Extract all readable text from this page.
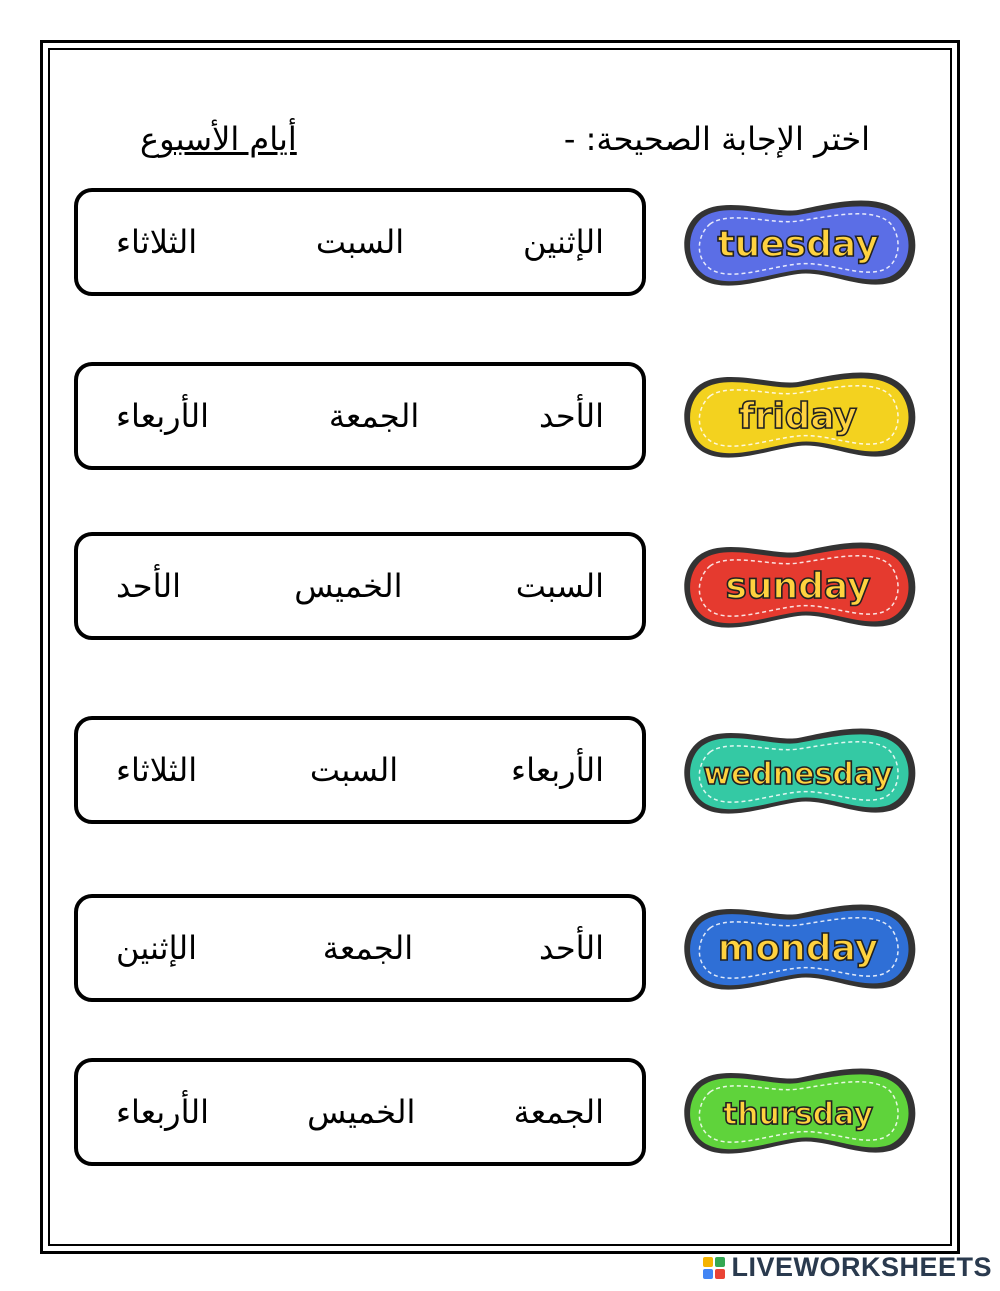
اختر الإجابة الصحيحة: -
أيام الأسبوع
الإثنين
السبت
الثلاثاء	tuesday
الأحد
الجمعة
الأربعاء	friday
السبت
الخميس
الأحد	sunday
الأربعاء
السبت
الثلاثاء	wednesday
الأحد
الجمعة
الإثنين	monday
الجمعة
الخميس
الأربعاء	thursday
LIVEWORKSHEETS
